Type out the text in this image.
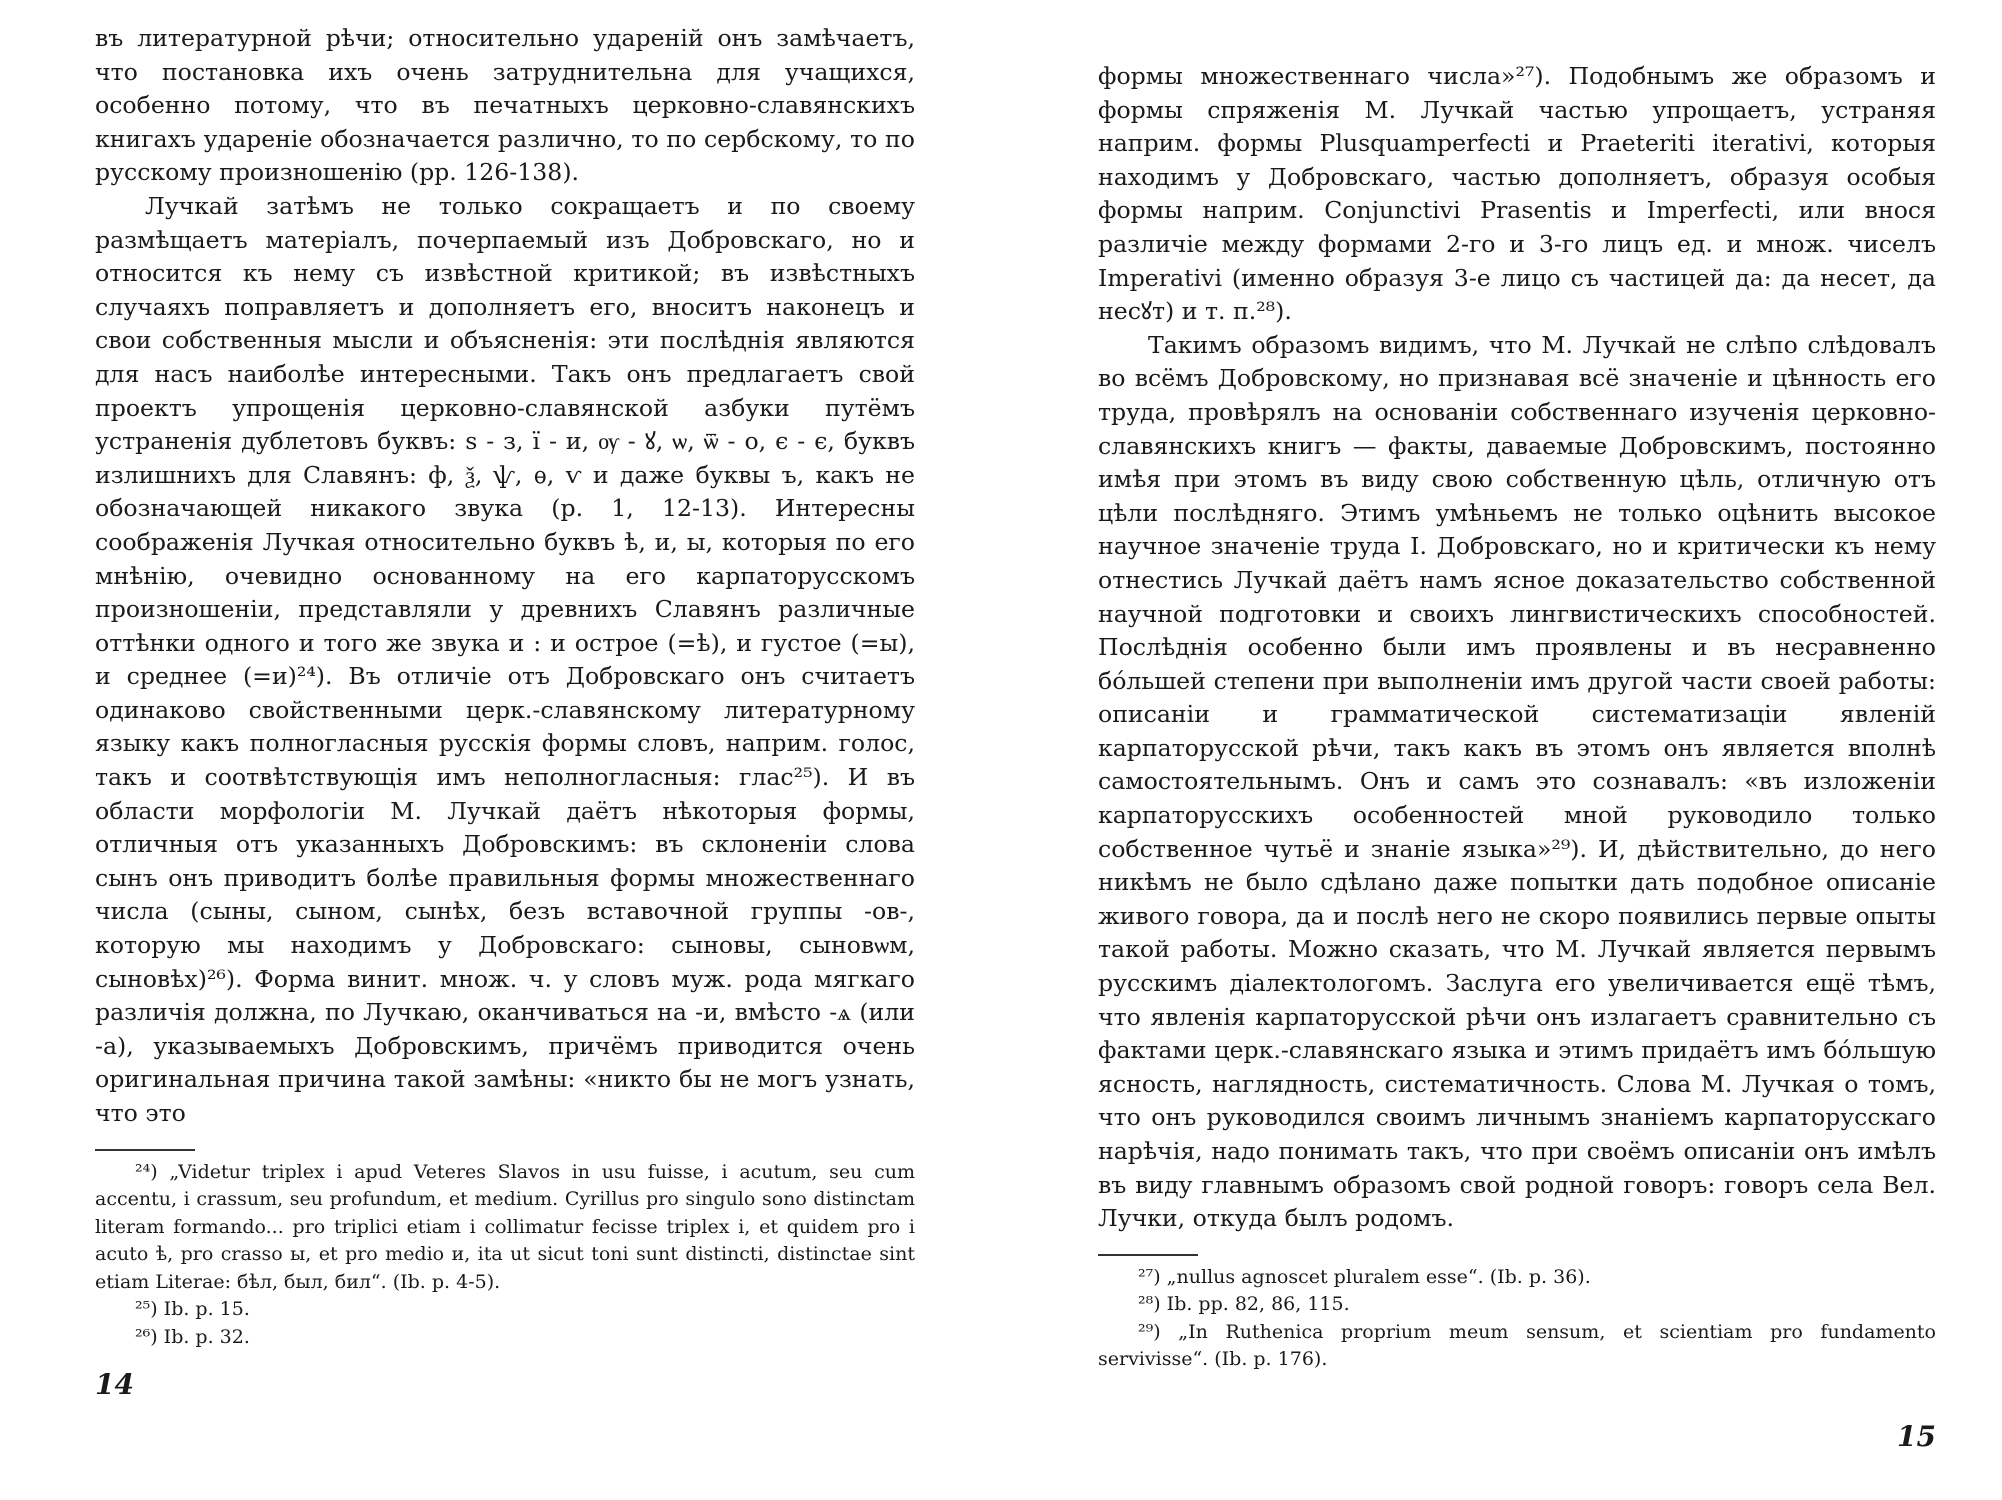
въ литературной рѣчи; относительно удареній онъ замѣчаетъ, что постановка ихъ очень затруднительна для учащихся, особенно потому, что въ печатныхъ церковно-славянскихъ книгахъ удареніе обозначается различно, то по сербскому, то по русскому произношенію (pp. 126-138).

Лучкай затѣмъ не только сокращаетъ и по своему размѣщаетъ матеріалъ, почерпаемый изъ Добровскаго, но и относится къ нему съ извѣстной критикой; въ извѣстныхъ случаяхъ поправляетъ и дополняетъ его, вноситъ наконецъ и свои собственныя мысли и объясненія: эти послѣднія являются для насъ наиболѣе интересными. Такъ онъ предлагаетъ свой проектъ упрощенія церковно-славянской азбуки путёмъ устраненія дублетовъ буквъ: ѕ - з, ї - и, ѹ - ꙋ, ѡ, ѿ - о, є - є, буквъ излишнихъ для Славянъ: ф, ѯ, ѱ, ѳ, ѵ и даже буквы ъ, какъ не обозначающей никакого звука (p. 1, 12-13). Интересны соображенія Лучкая относительно буквъ ѣ, и, ы, которыя по его мнѣнію, очевидно основанному на его карпаторусскомъ произношеніи, представляли у древнихъ Славянъ различные оттѣнки одного и того же звука и : и острое (=ѣ), и густое (=ы), и среднее (=и)²⁴). Въ отличіе отъ Добровскаго онъ считаетъ одинаково свойственными церк.-славянскому литературному языку какъ полногласныя русскія формы словъ, наприм. голос, такъ и соотвѣтствующія имъ неполногласныя: глас²⁵). И въ области морфологіи М. Лучкай даётъ нѣкоторыя формы, отличныя отъ указанныхъ Добровскимъ: въ склоненіи слова сынъ онъ приводитъ болѣе правильныя формы множественнаго числа (сыны, сыном, сынѣх, безъ вставочной группы -ов-, которую мы находимъ у Добровскаго: сыновы, сыновѡм, сыновѣх)²⁶). Форма винит. множ. ч. у словъ муж. рода мягкаго различія должна, по Лучкаю, оканчиваться на -и, вмѣсто -ѧ (или -а), указываемыхъ Добровскимъ, причёмъ приводится очень оригинальная причина такой замѣны: «никто бы не могъ узнать, что это

²⁴) „Videtur triplex i apud Veteres Slavos in usu fuisse, i acutum, seu cum accentu, i crassum, seu profundum, et medium. Cyrillus pro singulo sono distinctam literam formando... pro triplici etiam i collimatur fecisse triplex i, et quidem pro i acuto ѣ, pro crasso ы, et pro medio и, ita ut sicut toni sunt distincti, distinctae sint etiam Literae: бѣл, был, бил“. (Ib. p. 4-5).

²⁵) Ib. p. 15.

²⁶) Ib. p. 32.

14

формы множественнаго числа»²⁷). Подобнымъ же образомъ и формы спряженія М. Лучкай частью упрощаетъ, устраняя наприм. формы Plusquamperfecti и Praeteriti iterativi, которыя находимъ у Добровскаго, частью дополняетъ, образуя особыя формы наприм. Conjunctivi Prasentis и Imperfecti, или внося различіе между формами 2-го и 3-го лицъ ед. и множ. чиселъ Imperativi (именно образуя 3-е лицо съ частицей да: да несет, да несꙋт) и т. п.²⁸).

Такимъ образомъ видимъ, что М. Лучкай не слѣпо слѣдовалъ во всёмъ Добровскому, но признавая всё значеніе и цѣнность его труда, провѣрялъ на основаніи собственнаго изученія церковно-славянскихъ книгъ — факты, даваемые Добровскимъ, постоянно имѣя при этомъ въ виду свою собственную цѣль, отличную отъ цѣли послѣдняго. Этимъ умѣньемъ не только оцѣнить высокое научное значеніе труда I. Добровскаго, но и критически къ нему отнестись Лучкай даётъ намъ ясное доказательство собственной научной подготовки и своихъ лингвистическихъ способностей. Послѣднія особенно были имъ проявлены и въ несравненно бо́льшей степени при выполненіи имъ другой части своей работы: описаніи и грамматической систематизаціи явленій карпаторусской рѣчи, такъ какъ въ этомъ онъ является вполнѣ самостоятельнымъ. Онъ и самъ это сознавалъ: «въ изложеніи карпаторусскихъ особенностей мной руководило только собственное чутьё и знаніе языка»²⁹). И, дѣйствительно, до него никѣмъ не было сдѣлано даже попытки дать подобное описаніе живого говора, да и послѣ него не скоро появились первые опыты такой работы. Можно сказать, что М. Лучкай является первымъ русскимъ діалектологомъ. Заслуга его увеличивается ещё тѣмъ, что явленія карпаторусской рѣчи онъ излагаетъ сравнительно съ фактами церк.-славянскаго языка и этимъ придаётъ имъ бо́льшую ясность, наглядность, систематичность. Слова М. Лучкая о томъ, что онъ руководился своимъ личнымъ знаніемъ карпаторусскаго нарѣчія, надо понимать такъ, что при своёмъ описаніи онъ имѣлъ въ виду главнымъ образомъ свой родной говоръ: говоръ села Вел. Лучки, откуда былъ родомъ.

²⁷) „nullus agnoscet pluralem esse“. (Ib. p. 36).

²⁸) Ib. pp. 82, 86, 115.

²⁹) „In Ruthenica proprium meum sensum, et scientiam pro fundamento servivisse“. (Ib. p. 176).

15
